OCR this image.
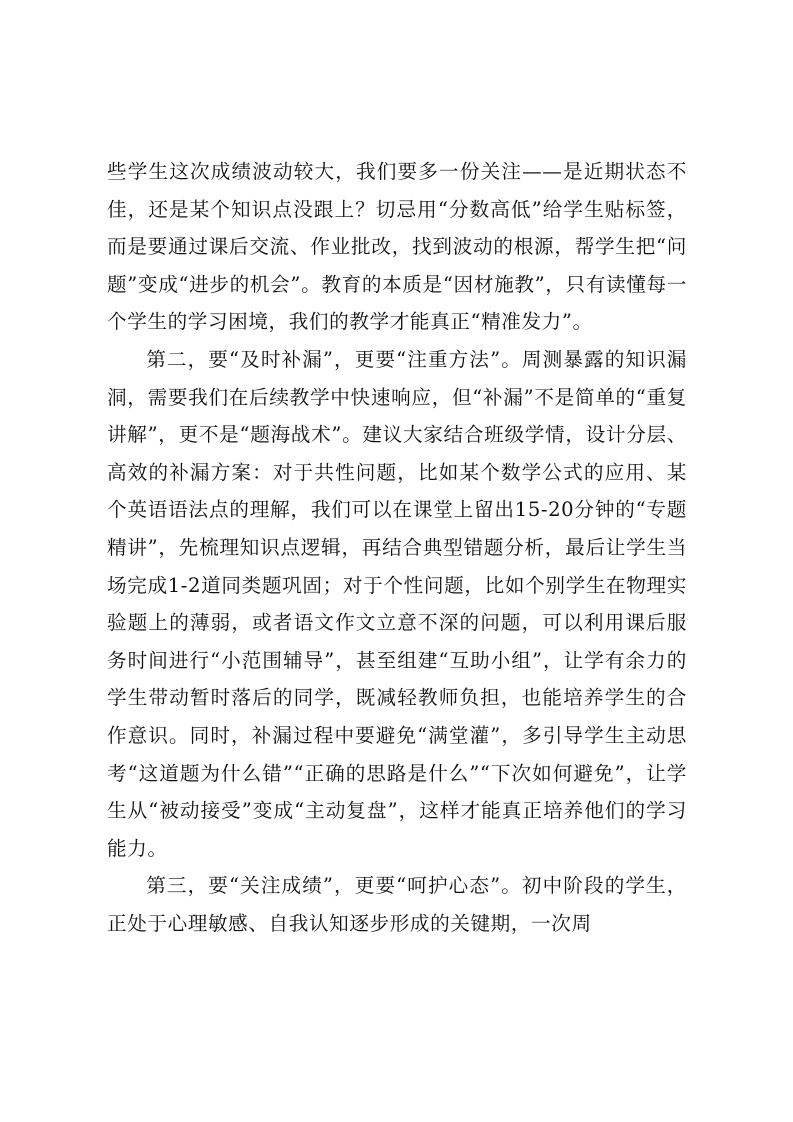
些学生这次成绩波动较大，我们要多一份关注——是近期状态不佳，还是某个知识点没跟上？切忌用“分数高低”给学生贴标签，而是要通过课后交流、作业批改，找到波动的根源，帮学生把“问题”变成“进步的机会”。教育的本质是“因材施教”，只有读懂每一个学生的学习困境，我们的教学才能真正“精准发力”。

第二，要“及时补漏”，更要“注重方法”。周测暴露的知识漏洞，需要我们在后续教学中快速响应，但“补漏”不是简单的“重复讲解”，更不是“题海战术”。建议大家结合班级学情，设计分层、高效的补漏方案：对于共性问题，比如某个数学公式的应用、某个英语语法点的理解，我们可以在课堂上留出15-20分钟的“专题精讲”，先梳理知识点逻辑，再结合典型错题分析，最后让学生当场完成1-2道同类题巩固；对于个性问题，比如个别学生在物理实验题上的薄弱，或者语文作文立意不深的问题，可以利用课后服务时间进行“小范围辅导”，甚至组建“互助小组”，让学有余力的学生带动暂时落后的同学，既减轻教师负担，也能培养学生的合作意识。同时，补漏过程中要避免“满堂灌”，多引导学生主动思考“这道题为什么错”“正确的思路是什么”“下次如何避免”，让学生从“被动接受”变成“主动复盘”，这样才能真正培养他们的学习能力。

第三，要“关注成绩”，更要“呵护心态”。初中阶段的学生，正处于心理敏感、自我认知逐步形成的关键期，一次周
